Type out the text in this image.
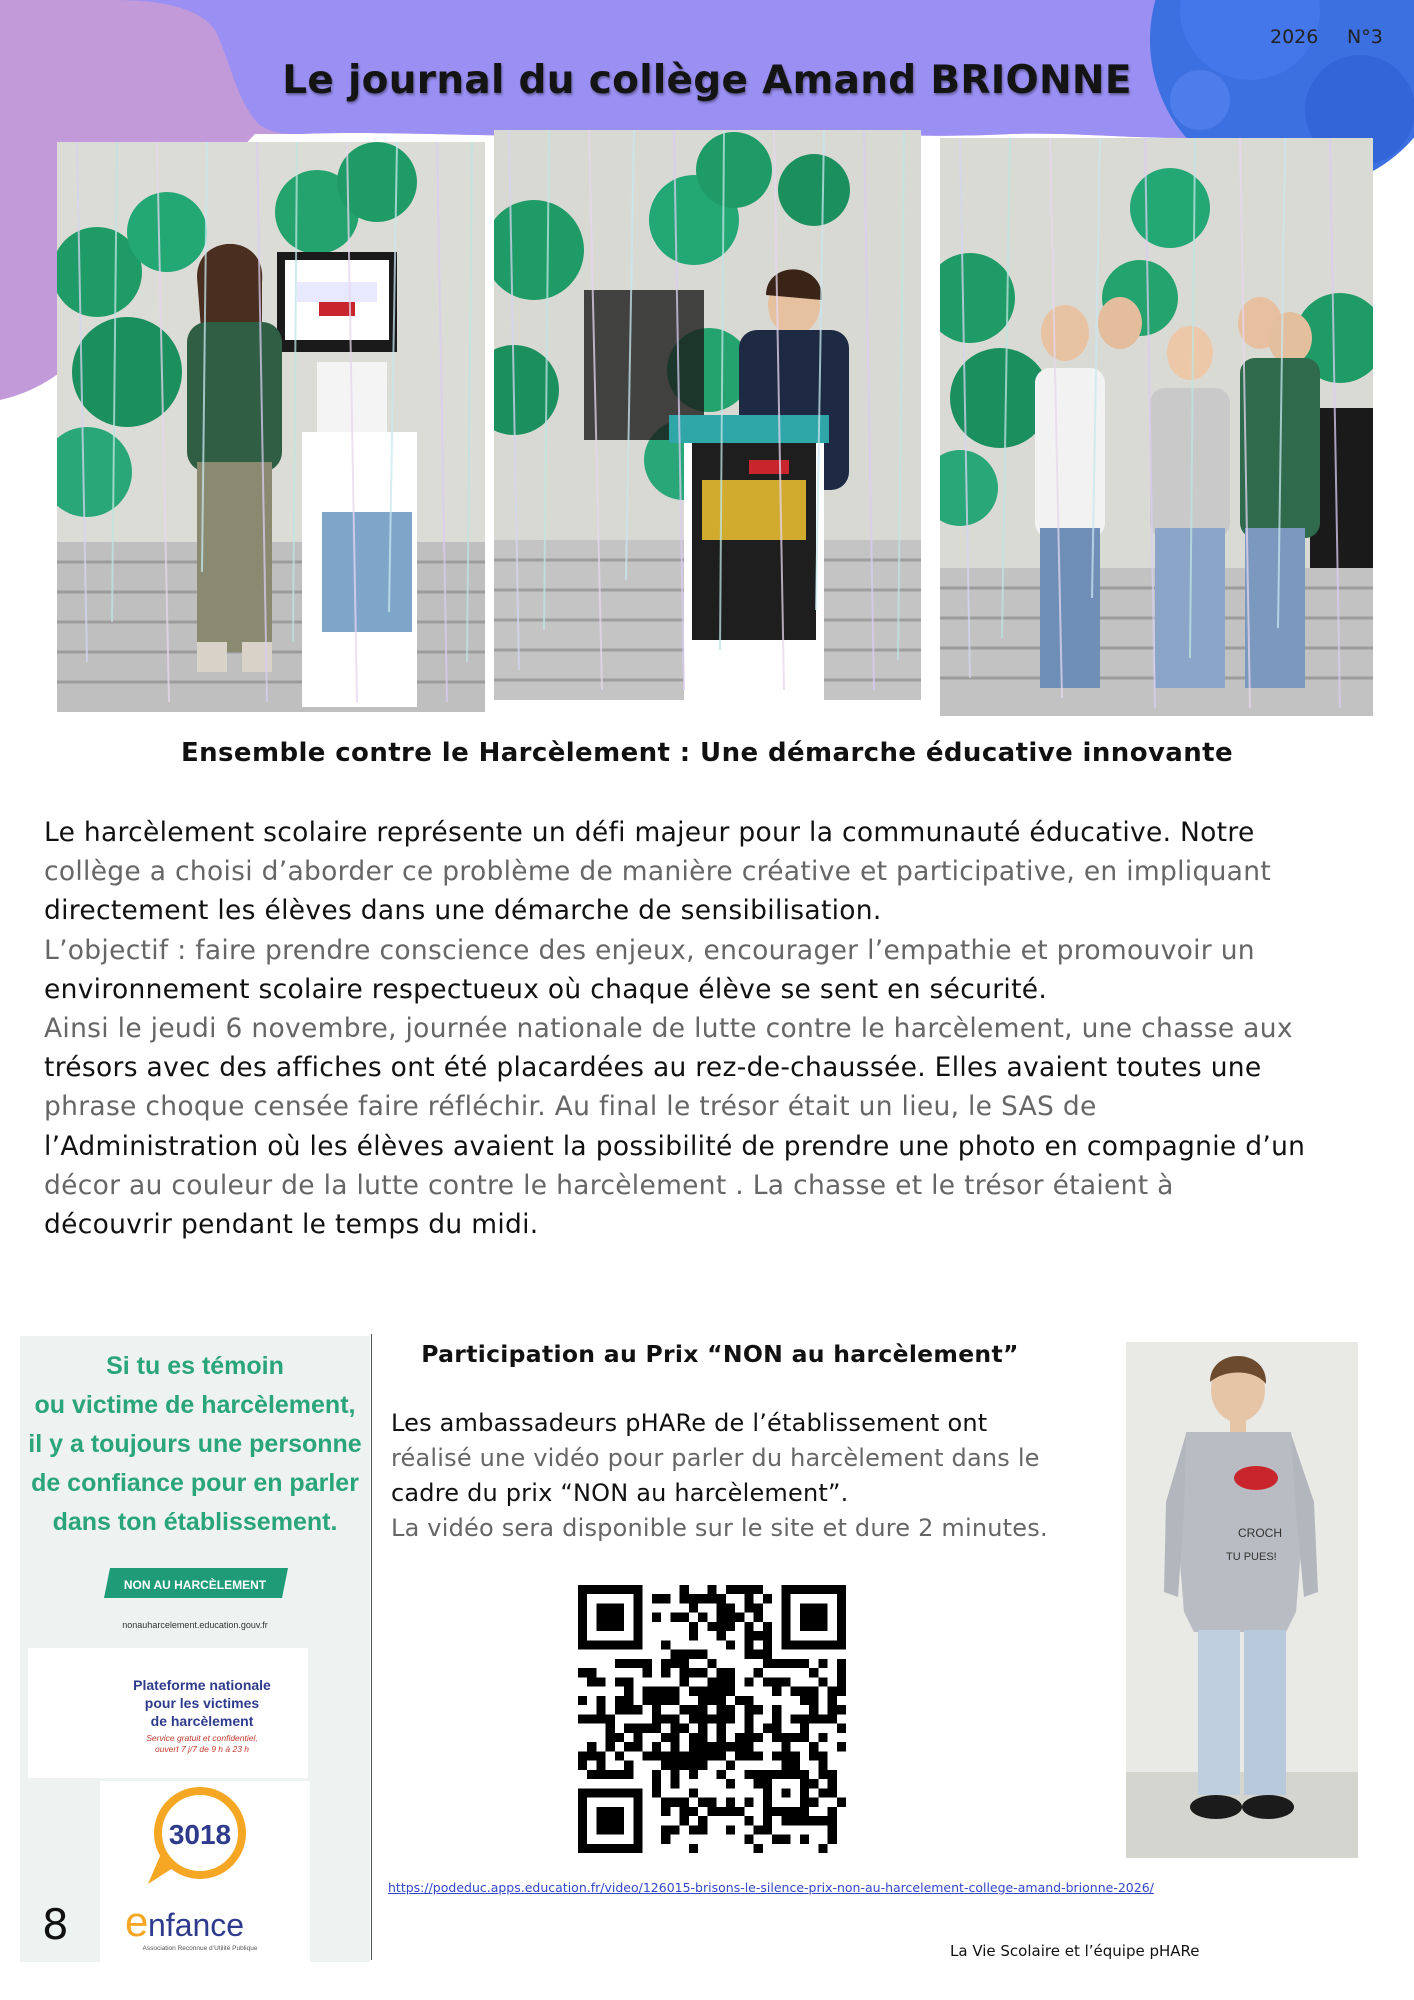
2026 N°3
Le journal du collège Amand BRIONNE
Ensemble contre le Harcèlement : Une démarche éducative innovante
Le harcèlement scolaire représente un défi majeur pour la communauté éducative. Notre
collège a choisi d’aborder ce problème de manière créative et participative, en impliquant
directement les élèves dans une démarche de sensibilisation.
L’objectif : faire prendre conscience des enjeux, encourager l’empathie et promouvoir un
environnement scolaire respectueux où chaque élève se sent en sécurité.
Ainsi le jeudi 6 novembre, journée nationale de lutte contre le harcèlement, une chasse aux
trésors avec des affiches ont été placardées au rez-de-chaussée. Elles avaient toutes une
phrase choque censée faire réfléchir. Au final le trésor était un lieu, le SAS de
l’Administration où les élèves avaient la possibilité de prendre une photo en compagnie d’un
décor au couleur de la lutte contre le harcèlement . La chasse et le trésor étaient à
découvrir pendant le temps du midi.
Si tu es témoin
ou victime de harcèlement,
il y a toujours une personne
de confiance pour en parler
dans ton établissement.
NON AU HARCÈLEMENT
nonauharcelement.education.gouv.fr
Plateforme nationale
pour les victimes
de harcèlement
Service gratuit et confidentiel,
ouvert 7 j/7 de 9 h à 23 h
3018
e nfance
Association Reconnue d’Utilité Publique
Participation au Prix “NON au harcèlement”
Les ambassadeurs pHARe de l’établissement ont
réalisé une vidéo pour parler du harcèlement dans le
cadre du prix “NON au harcèlement”.
La vidéo sera disponible sur le site et dure 2 minutes.	CROCH
TU PUES!
https://podeduc.apps.education.fr/video/126015-brisons-le-silence-prix-non-au-harcelement-college-amand-brionne-2026/
8
La Vie Scolaire et l’équipe pHARe
